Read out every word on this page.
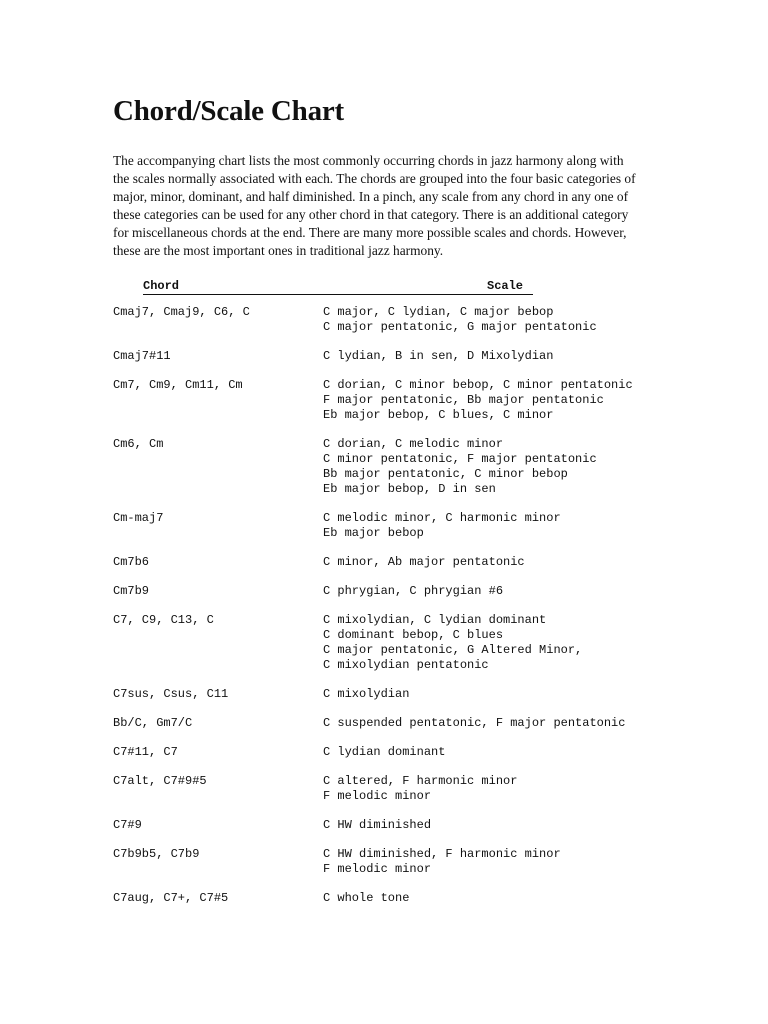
Chord/Scale Chart

The accompanying chart lists the most commonly occurring chords in jazz harmony along with the scales normally associated with each. The chords are grouped into the four basic categories of major, minor, dominant, and half diminished. In a pinch, any scale from any chord in any one of these categories can be used for any other chord in that category. There is an additional category for miscellaneous chords at the end. There are many more possible scales and chords. However, these are the most important ones in traditional jazz harmony.

Chord	Scale
Cmaj7, Cmaj9, C6, C	C major, C lydian, C major bebop
C major pentatonic, G major pentatonic
Cmaj7#11	C lydian, B in sen, D Mixolydian
Cm7, Cm9, Cm11, Cm	C dorian, C minor bebop, C minor pentatonic
F major pentatonic, Bb major pentatonic
Eb major bebop, C blues, C minor
Cm6, Cm	C dorian, C melodic minor
C minor pentatonic, F major pentatonic
Bb major pentatonic, C minor bebop
Eb major bebop, D in sen
Cm-maj7	C melodic minor, C harmonic minor
Eb major bebop
Cm7b6	C minor, Ab major pentatonic
Cm7b9	C phrygian, C phrygian #6
C7, C9, C13, C	C mixolydian, C lydian dominant
C dominant bebop, C blues
C major pentatonic, G Altered Minor,
C mixolydian pentatonic
C7sus, Csus, C11	C mixolydian
Bb/C, Gm7/C	C suspended pentatonic, F major pentatonic
C7#11, C7	C lydian dominant
C7alt, C7#9#5	C altered, F harmonic minor
F melodic minor
C7#9	C HW diminished
C7b9b5, C7b9	C HW diminished, F harmonic minor
F melodic minor
C7aug, C7+, C7#5	C whole tone
